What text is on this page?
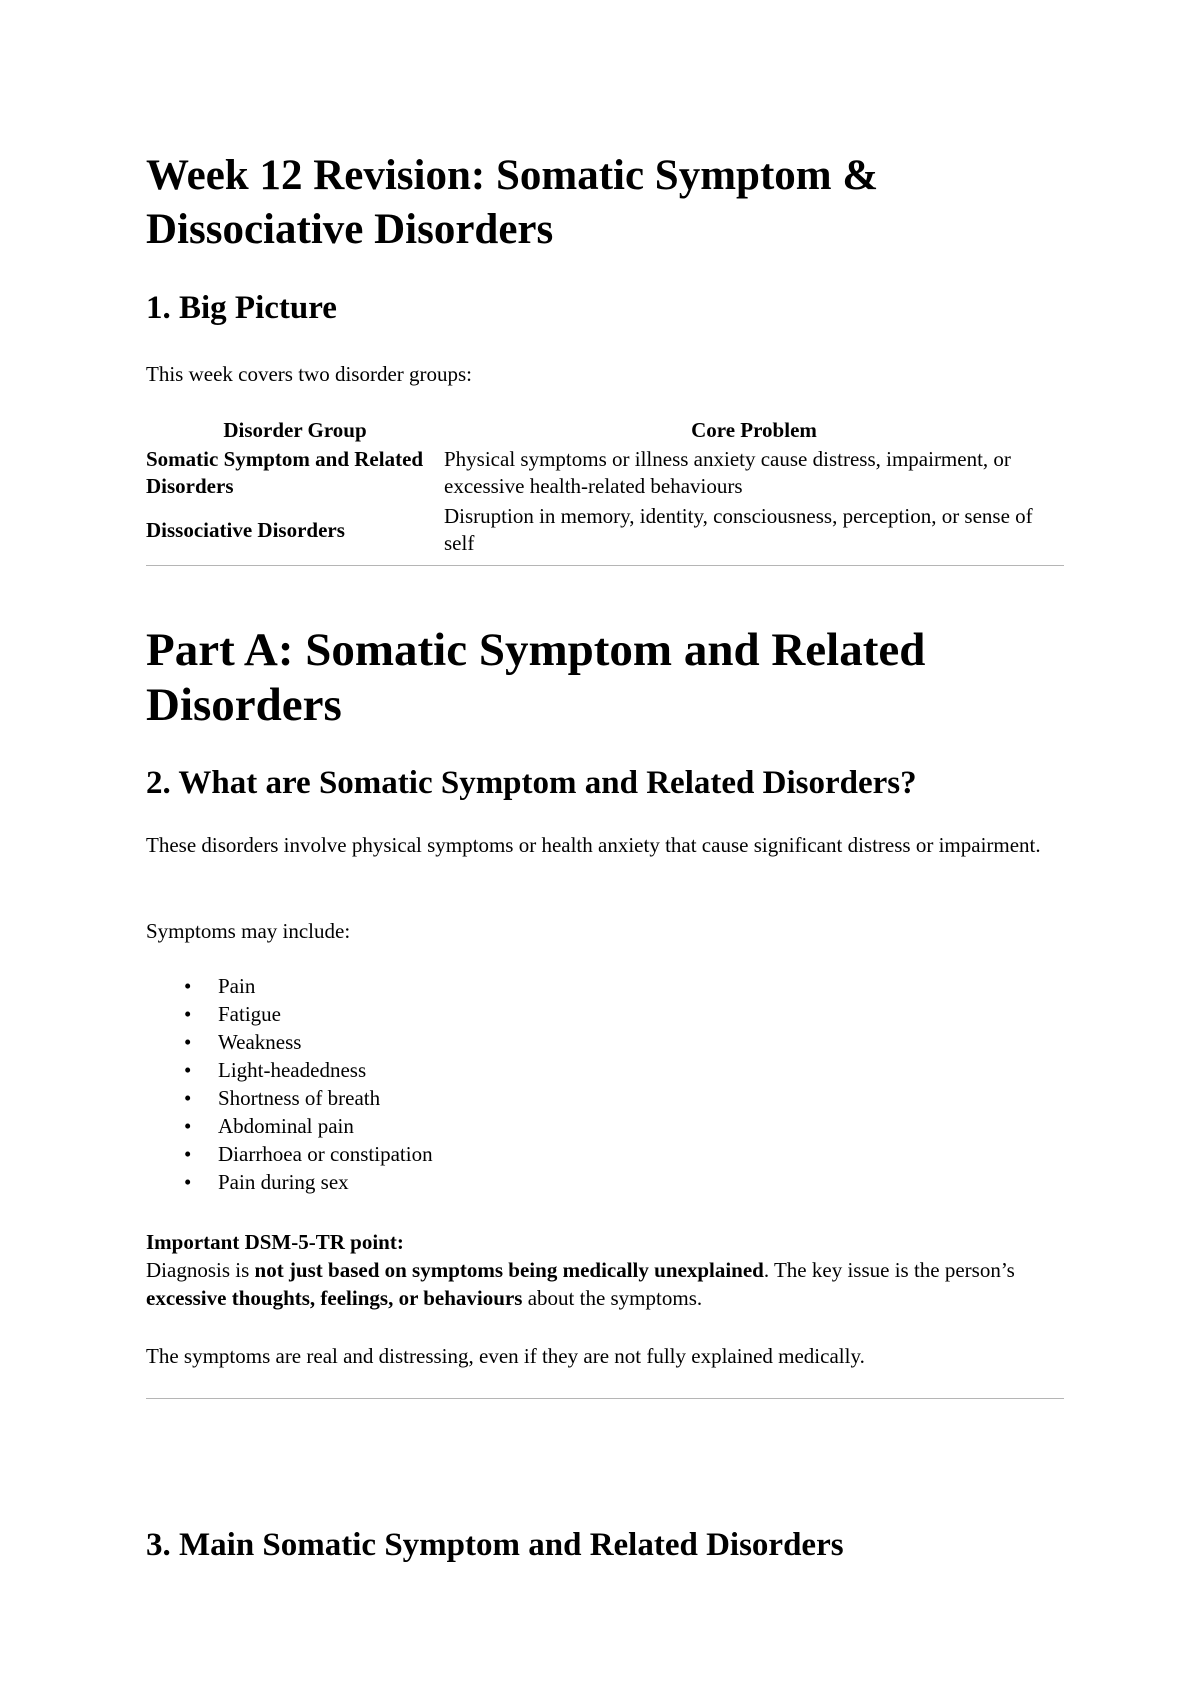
Week 12 Revision: Somatic Symptom & Dissociative Disorders
1. Big Picture

This week covers two disorder groups:

Disorder Group	Core Problem
Somatic Symptom and Related Disorders	Physical symptoms or illness anxiety cause distress, impairment, or excessive health-related behaviours
Dissociative Disorders	Disruption in memory, identity, consciousness, perception, or sense of self
Part A: Somatic Symptom and Related Disorders
2. What are Somatic Symptom and Related Disorders?

These disorders involve physical symptoms or health anxiety that cause significant distress or impairment.

Symptoms may include:

• Pain
• Fatigue
• Weakness
• Light-headedness
• Shortness of breath
• Abdominal pain
• Diarrhoea or constipation
• Pain during sex
Important DSM-5-TR point:
Diagnosis is not just based on symptoms being medically unexplained. The key issue is the person’s excessive thoughts, feelings, or behaviours about the symptoms.

The symptoms are real and distressing, even if they are not fully explained medically.

3. Main Somatic Symptom and Related Disorders
